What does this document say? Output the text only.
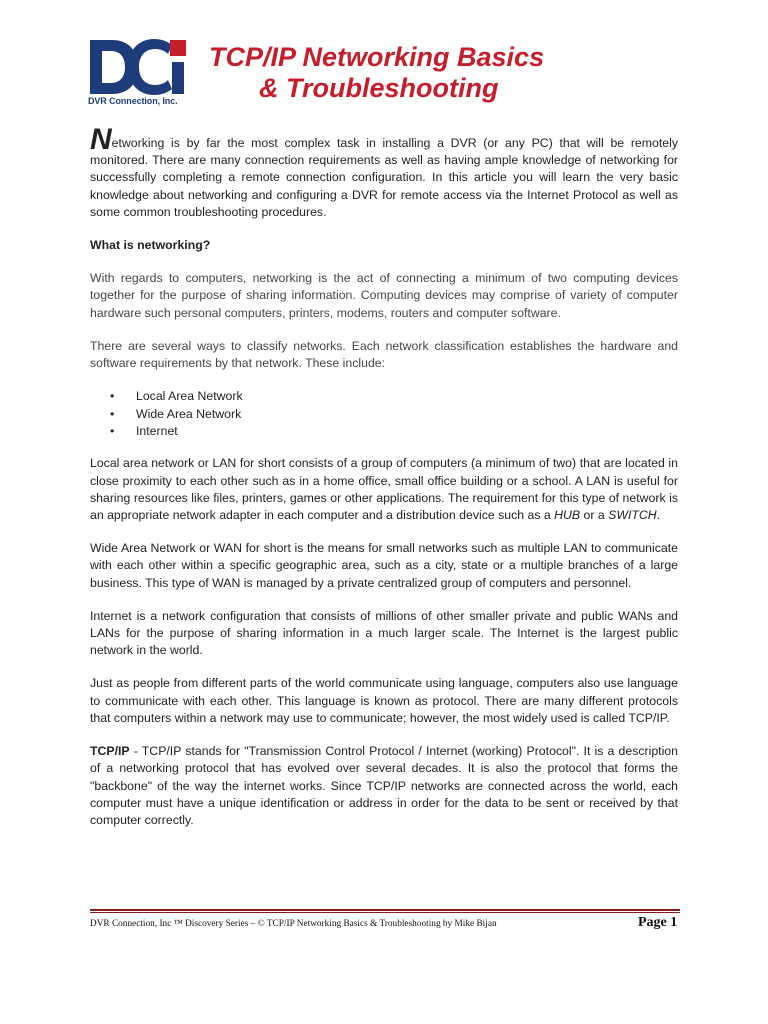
DVR Connection, Inc.
TCP/IP Networking Basics
& Troubleshooting

Networking is by far the most complex task in installing a DVR (or any PC) that will be remotely monitored. There are many connection requirements as well as having ample knowledge of networking for successfully completing a remote connection configuration. In this article you will learn the very basic knowledge about networking and configuring a DVR for remote access via the Internet Protocol as well as some common troubleshooting procedures.

What is networking?

With regards to computers, networking is the act of connecting a minimum of two computing devices together for the purpose of sharing information. Computing devices may comprise of variety of computer hardware such personal computers, printers, modems, routers and computer software.

There are several ways to classify networks. Each network classification establishes the hardware and software requirements by that network. These include:

• Local Area Network
• Wide Area Network
• Internet

Local area network or LAN for short consists of a group of computers (a minimum of two) that are located in close proximity to each other such as in a home office, small office building or a school. A LAN is useful for sharing resources like files, printers, games or other applications. The requirement for this type of network is an appropriate network adapter in each computer and a distribution device such as a HUB or a SWITCH.

Wide Area Network or WAN for short is the means for small networks such as multiple LAN to communicate with each other within a specific geographic area, such as a city, state or a multiple branches of a large business. This type of WAN is managed by a private centralized group of computers and personnel.

Internet is a network configuration that consists of millions of other smaller private and public WANs and LANs for the purpose of sharing information in a much larger scale. The Internet is the largest public network in the world.

Just as people from different parts of the world communicate using language, computers also use language to communicate with each other. This language is known as protocol. There are many different protocols that computers within a network may use to communicate; however, the most widely used is called TCP/IP.

TCP/IP - TCP/IP stands for "Transmission Control Protocol / Internet (working) Protocol". It is a description of a networking protocol that has evolved over several decades. It is also the protocol that forms the "backbone" of the way the internet works. Since TCP/IP networks are connected across the world, each computer must have a unique identification or address in order for the data to be sent or received by that computer correctly.

DVR Connection, Inc ™ Discovery Series – © TCP/IP Networking Basics & Troubleshooting by Mike Bijan	Page 1
